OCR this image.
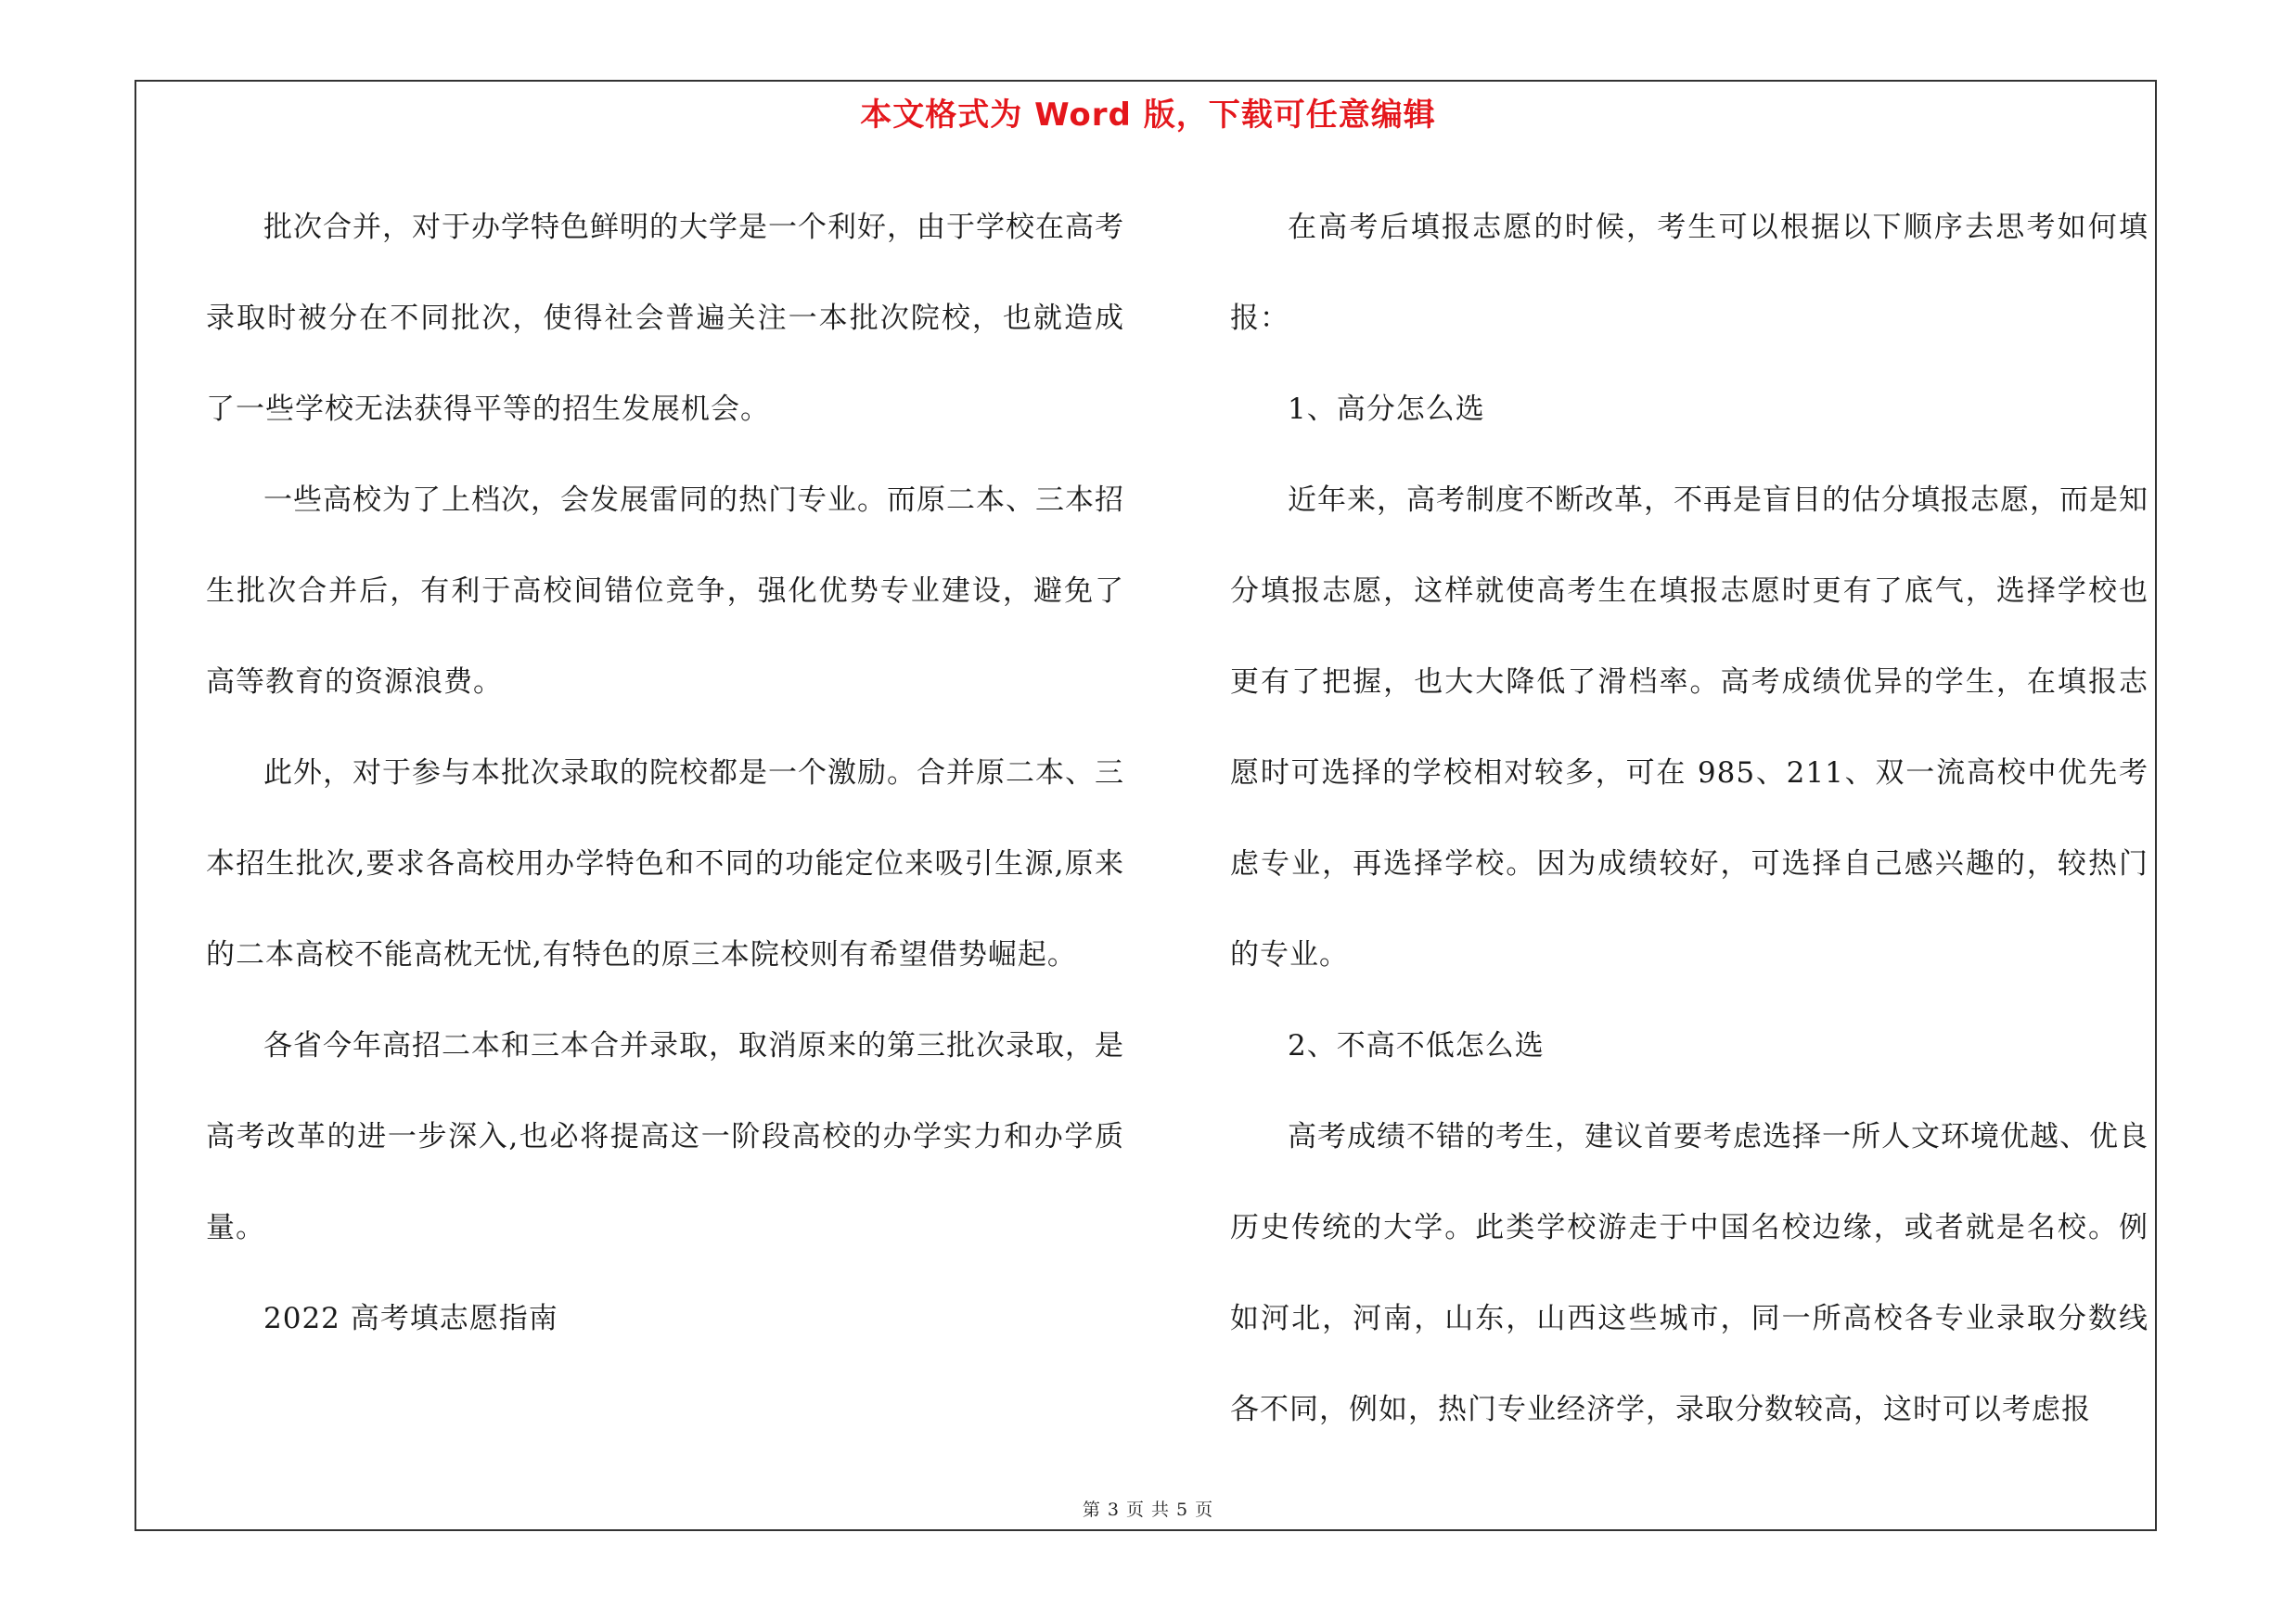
本文格式为 Word 版，下载可任意编辑

批次合并，对于办学特色鲜明的大学是一个利好，由于学校在高考录取时被分在不同批次，使得社会普遍关注一本批次院校，也就造成了一些学校无法获得平等的招生发展机会。

一些高校为了上档次，会发展雷同的热门专业。而原二本、三本招生批次合并后，有利于高校间错位竞争，强化优势专业建设，避免了高等教育的资源浪费。

此外，对于参与本批次录取的院校都是一个激励。合并原二本、三本招生批次,要求各高校用办学特色和不同的功能定位来吸引生源,原来的二本高校不能高枕无忧,有特色的原三本院校则有希望借势崛起。

各省今年高招二本和三本合并录取，取消原来的第三批次录取，是高考改革的进一步深入,也必将提高这一阶段高校的办学实力和办学质量。

2022 高考填志愿指南

在高考后填报志愿的时候，考生可以根据以下顺序去思考如何填报：

1、高分怎么选

近年来，高考制度不断改革，不再是盲目的估分填报志愿，而是知分填报志愿，这样就使高考生在填报志愿时更有了底气，选择学校也更有了把握，也大大降低了滑档率。高考成绩优异的学生，在填报志愿时可选择的学校相对较多，可在 985、211、双一流高校中优先考虑专业，再选择学校。因为成绩较好，可选择自己感兴趣的，较热门的专业。

2、不高不低怎么选

高考成绩不错的考生，建议首要考虑选择一所人文环境优越、优良历史传统的大学。此类学校游走于中国名校边缘，或者就是名校。例如河北，河南，山东，山西这些城市，同一所高校各专业录取分数线各不同，例如，热门专业经济学，录取分数较高，这时可以考虑报

第 3 页 共 5 页
